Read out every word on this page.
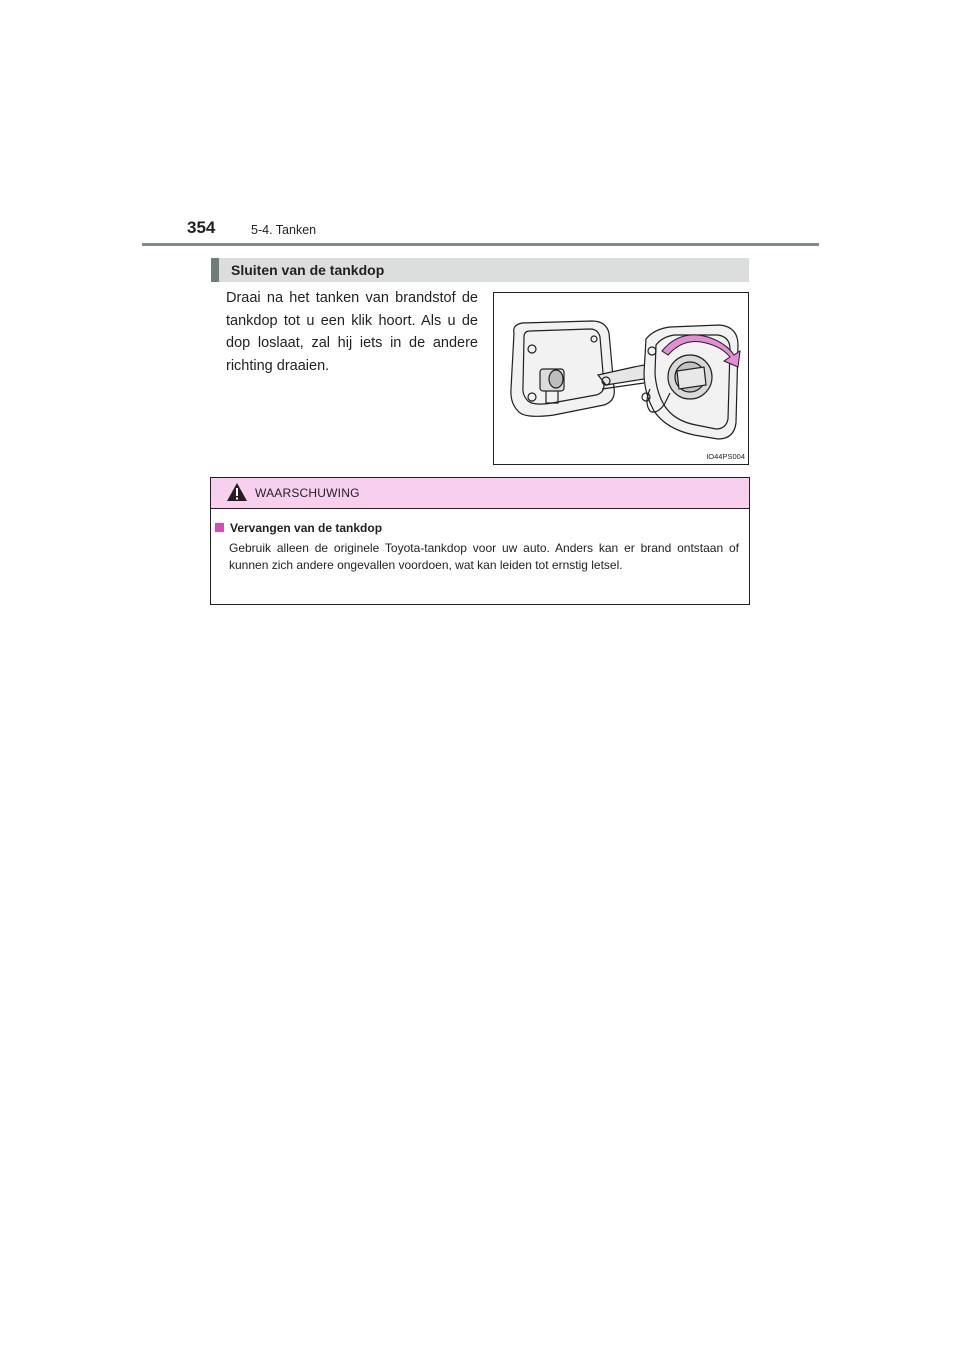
354	5-4. Tanken
Sluiten van de tankdop
Draai na het tanken van brandstof de tankdop tot u een klik hoort. Als u de dop loslaat, zal hij iets in de andere richting draaien.
IO44PS004
WAARSCHUWING
Vervangen van de tankdop
Gebruik alleen de originele Toyota-tankdop voor uw auto. Anders kan er brand ontstaan of kunnen zich andere ongevallen voordoen, wat kan leiden tot ernstig letsel.
